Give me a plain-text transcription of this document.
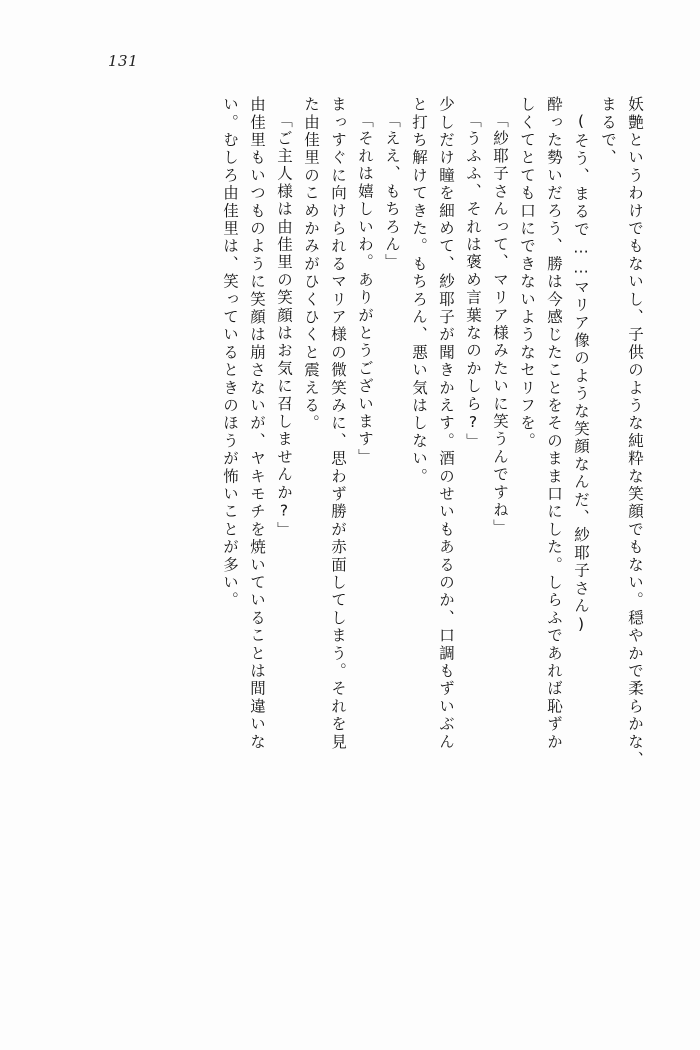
131
妖艶というわけでもないし、子供のような純粋な笑顔でもない。穏やかで柔らかな、
まるで、
(そう、まるで……マリア像のような笑顔なんだ、紗耶子さん)
酔った勢いだろう、勝は今感じたことをそのまま口にした。しらふであれば恥ずか
しくてとても口にできないようなセリフを。
「紗耶子さんって、マリア様みたいに笑うんですね」
「うふふ、それは褒め言葉なのかしら?」
少しだけ瞳を細めて、紗耶子が聞きかえす。酒のせいもあるのか、口調もずいぶん
と打ち解けてきた。もちろん、悪い気はしない。
「ええ、もちろん」
「それは嬉しいわ。ありがとうございます」
まっすぐに向けられるマリア様の微笑みに、思わず勝が赤面してしまう。それを見
た由佳里のこめかみがひくひくと震える。
「ご主人様は由佳里の笑顔はお気に召しませんか?」
由佳里もいつものように笑顔は崩さないが、ヤキモチを焼いていることは間違いな
い。むしろ由佳里は、笑っているときのほうが怖いことが多い。
